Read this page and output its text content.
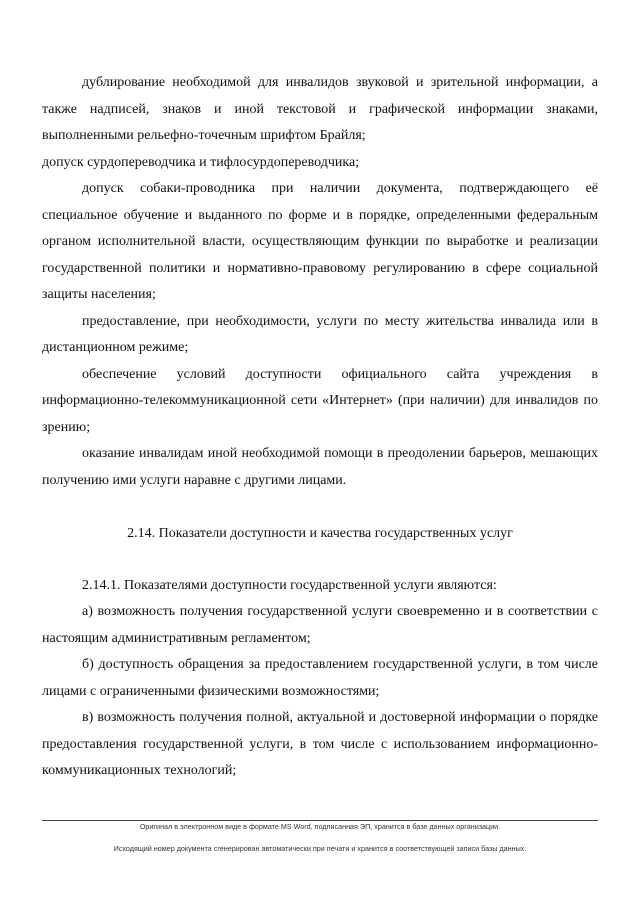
дублирование необходимой для инвалидов звуковой и зрительной информации, а также надписей, знаков и иной текстовой и графической информации знаками, выполненными рельефно-точечным шрифтом Брайля;

допуск сурдопереводчика и тифлосурдопереводчика;

допуск собаки-проводника при наличии документа, подтверждающего её специальное обучение и выданного по форме и в порядке, определенными федеральным органом исполнительной власти, осуществляющим функции по выработке и реализации государственной политики и нормативно-правовому регулированию в сфере социальной защиты населения;

предоставление, при необходимости, услуги по месту жительства инвалида или в дистанционном режиме;

обеспечение условий доступности официального сайта учреждения в информационно-телекоммуникационной сети «Интернет» (при наличии) для инвалидов по зрению;

оказание инвалидам иной необходимой помощи в преодолении барьеров, мешающих получению ими услуги наравне с другими лицами.

2.14. Показатели доступности и качества государственных услуг

2.14.1. Показателями доступности государственной услуги являются:

а) возможность получения государственной услуги своевременно и в соответствии с настоящим административным регламентом;

б) доступность обращения за предоставлением государственной услуги, в том числе лицами с ограниченными физическими возможностями;

в) возможность получения полной, актуальной и достоверной информации о порядке предоставления государственной услуги, в том числе с использованием информационно-коммуникационных технологий;

Оригинал в электронном виде в формате MS Word, подписанная ЭП, хранится в базе данных организации.
Исходящий номер документа сгенерирован автоматически при печати и хранится в соответствующей записи базы данных.
